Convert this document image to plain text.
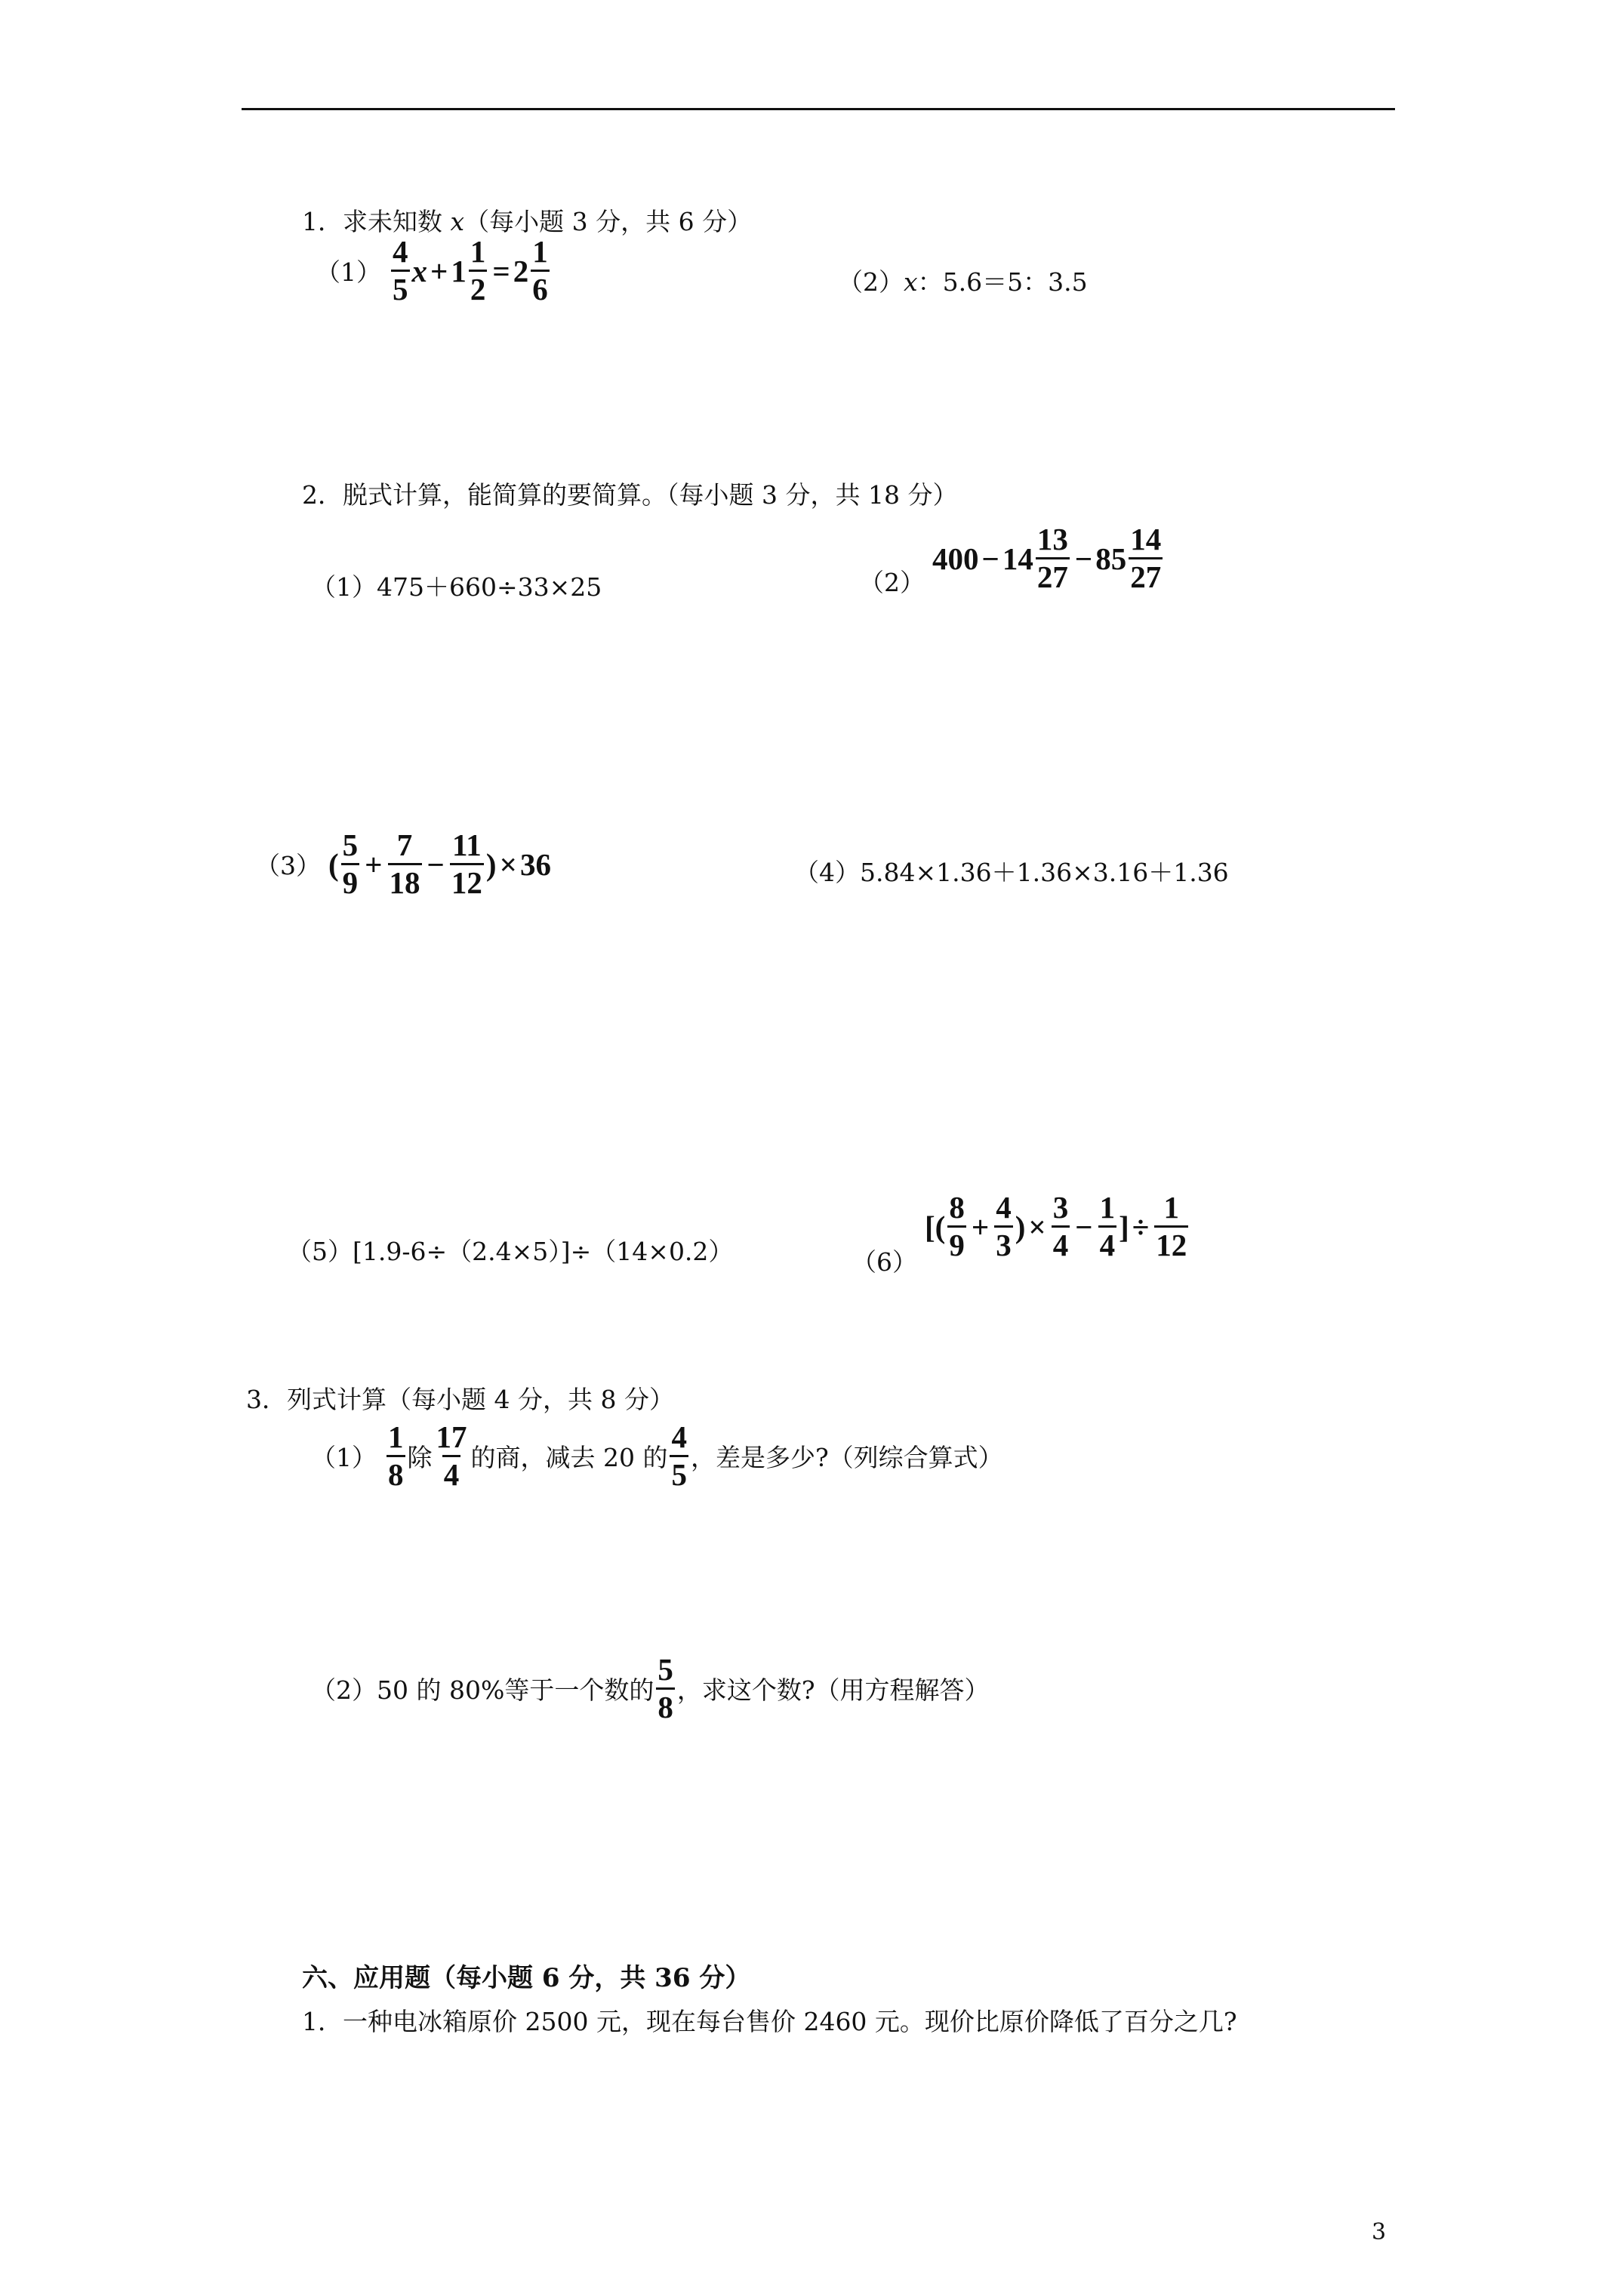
1．求未知数 x（每小题 3 分，共 6 分）
$(1) \frac{4}{5}$ $x + 1 \frac{1}{2} = 2 \frac{1}{6}$	（2）x：5.6＝5：3.5
2．脱式计算，能简算的要简算。（每小题 3 分，共 18 分）
（1）475＋660÷33×25	（2）
$400 - 14 \frac{13}{27} - 85 \frac{14}{27}$
（3） ( $\frac{5}{9} + \frac{7}{18} - \frac{11}{12}$ ) × 36	（4）5.84×1.36＋1.36×3.16＋1.36
（5）[1.9-6÷（2.4×5）]÷（14×0.2）	（6）
[( $\frac{8}{9} + \frac{4}{3}$ ) × $\frac{3}{4} - \frac{1}{4}$ ] ÷ $\frac{1}{12}$
3．列式计算（每小题 4 分，共 8 分）
$(1) \frac{1}{8}$ 除 $\frac{17}{4}$ 的商，减去 20 的 $\frac{4}{5}$ ，差是多少?（列综合算式）
（2）50 的 80%等于一个数的 $\frac{5}{8}$ ，求这个数?（用方程解答）
六、应用题（每小题 6 分，共 36 分）
1．一种电冰箱原价 2500 元，现在每台售价 2460 元。现价比原价降低了百分之几?
3
